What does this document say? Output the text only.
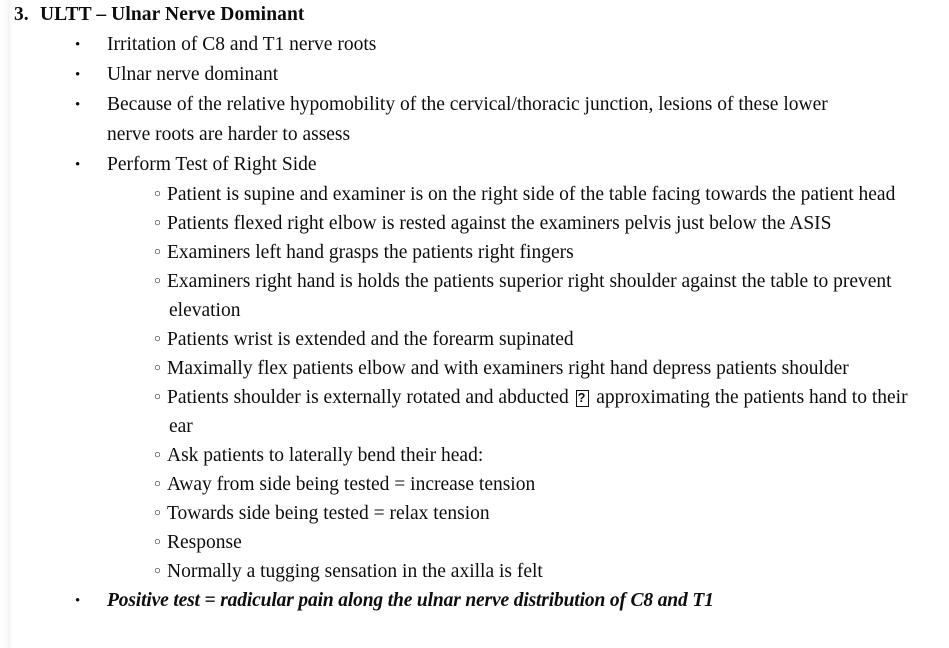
3. ULTT – Ulnar Nerve Dominant
• Irritation of C8 and T1 nerve roots
• Ulnar nerve dominant
• Because of the relative hypomobility of the cervical/thoracic junction, lesions of these lower nerve roots are harder to assess
• Perform Test of Right Side
○ Patient is supine and examiner is on the right side of the table facing towards the patient head
○ Patients flexed right elbow is rested against the examiners pelvis just below the ASIS
○ Examiners left hand grasps the patients right fingers
○ Examiners right hand is holds the patients superior right shoulder against the table to prevent elevation
○ Patients wrist is extended and the forearm supinated
○ Maximally flex patients elbow and with examiners right hand depress patients shoulder
○ Patients shoulder is externally rotated and abducted ? approximating the patients hand to their ear
○ Ask patients to laterally bend their head:
○ Away from side being tested = increase tension
○ Towards side being tested = relax tension
○ Response
○ Normally a tugging sensation in the axilla is felt
• Positive test = radicular pain along the ulnar nerve distribution of C8 and T1
